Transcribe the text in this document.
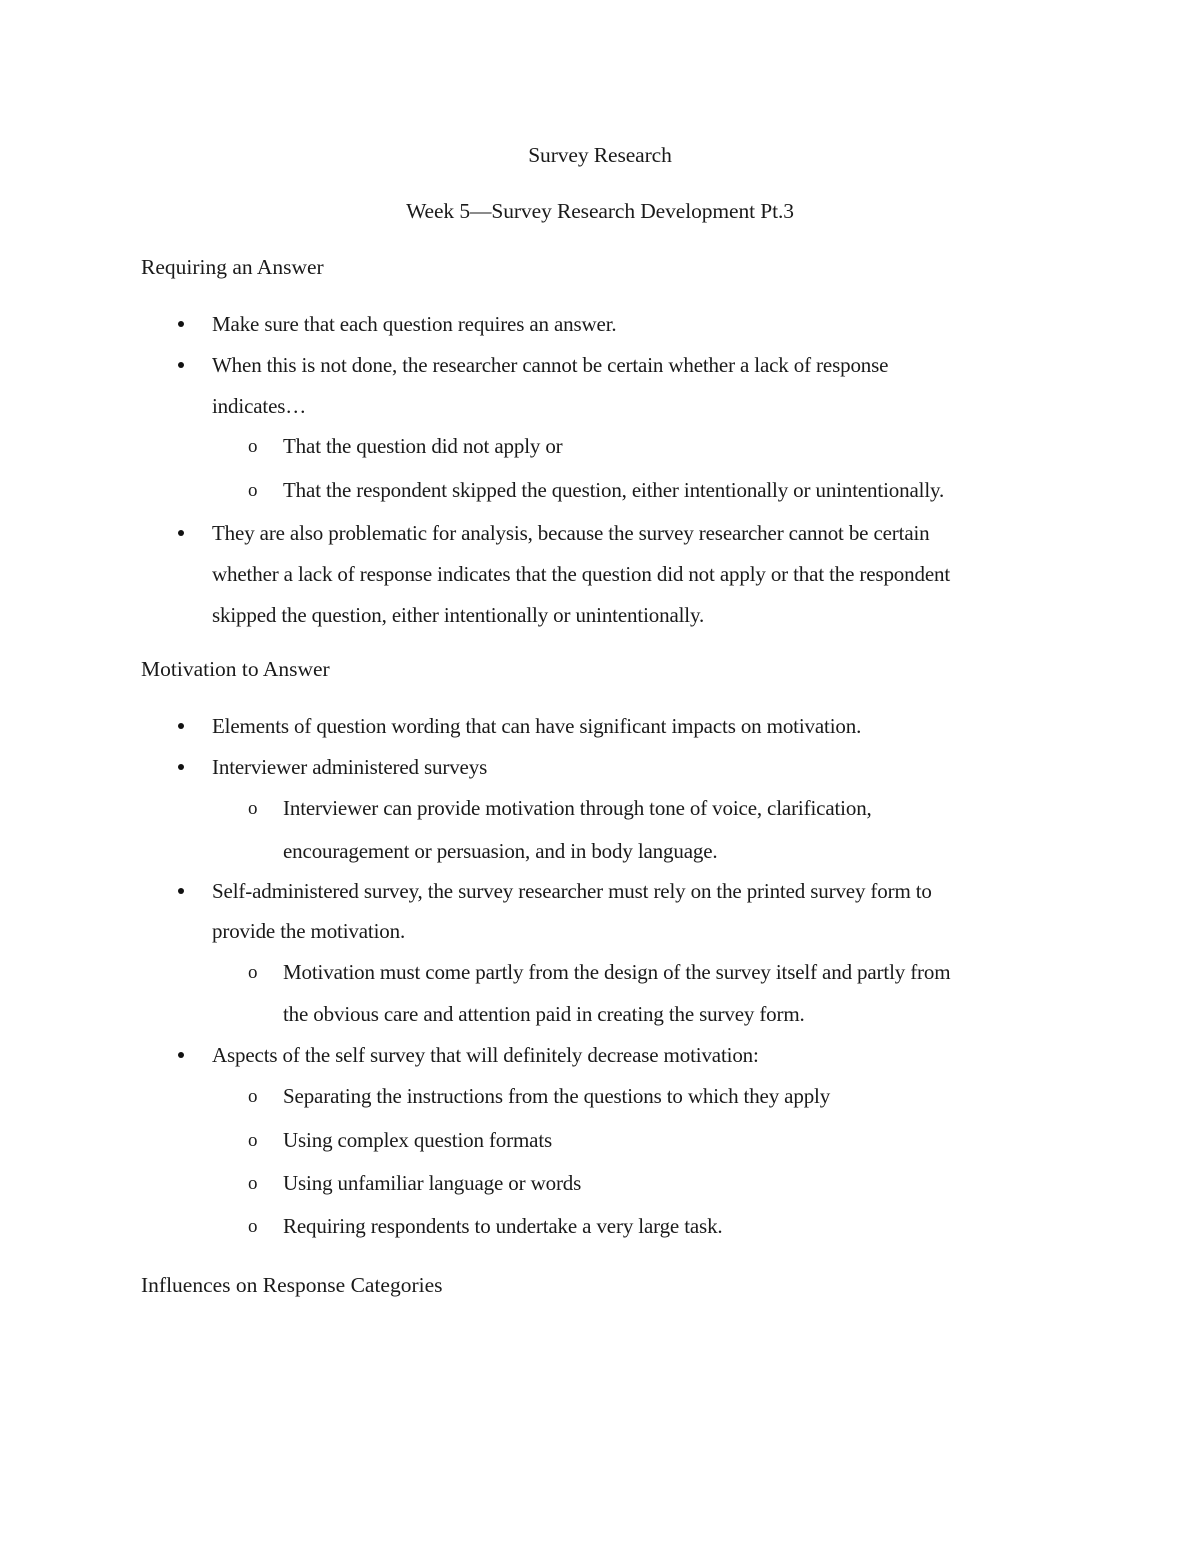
Survey Research
Week 5—Survey Research Development Pt.3
Requiring an Answer
Make sure that each question requires an answer.
When this is not done, the researcher cannot be certain whether a lack of response
indicates…
o That the question did not apply or
o That the respondent skipped the question, either intentionally or unintentionally.
They are also problematic for analysis, because the survey researcher cannot be certain
whether a lack of response indicates that the question did not apply or that the respondent
skipped the question, either intentionally or unintentionally.
Motivation to Answer
Elements of question wording that can have significant impacts on motivation.
Interviewer administered surveys
o Interviewer can provide motivation through tone of voice, clarification,
encouragement or persuasion, and in body language.
Self-administered survey, the survey researcher must rely on the printed survey form to
provide the motivation.
o Motivation must come partly from the design of the survey itself and partly from
the obvious care and attention paid in creating the survey form.
Aspects of the self survey that will definitely decrease motivation:
o Separating the instructions from the questions to which they apply
o Using complex question formats
o Using unfamiliar language or words
o Requiring respondents to undertake a very large task.
Influences on Response Categories
